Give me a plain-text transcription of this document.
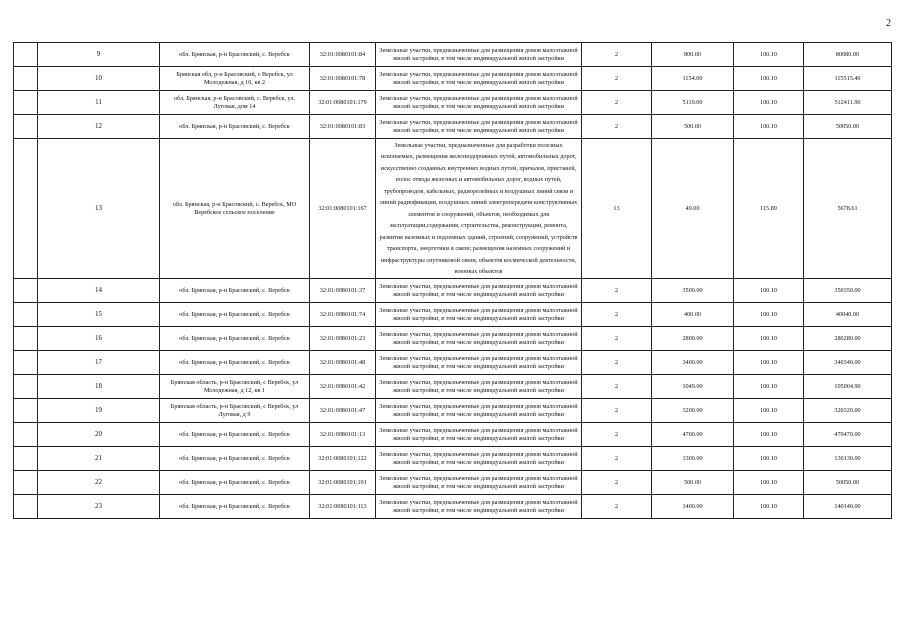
2
	9	обл. Брянская, р-н Брасовский, с. Веребск	32:01:0080101:84	Земельные участки, предназначенные для размещения домов малоэтажной жилой застройки, в том числе индивидуальной жилой застройки	2	800.00	100.10	80080.00
	10	Брянская обл, р-н Брасовский, с Веребск, ул Молодежная, д 10, кв 2	32:01:0080101:78	Земельные участки, предназначенные для размещения домов малоэтажной жилой застройки, в том числе индивидуальной жилой застройки	2	1154.00	100.10	115515.40
	11	обл. Брянская, р-н Брасовский, с. Веребск, ул. Луговая, дом 14	32:01:0080101:179	Земельные участки, предназначенные для размещения домов малоэтажной жилой застройки, в том числе индивидуальной жилой застройки	2	5119.00	100.10	512411.90
	12	обл. Брянская, р-н Брасовский, с. Веребск	32:01:0080101:83	Земельные участки, предназначенные для размещения домов малоэтажной жилой застройки, в том числе индивидуальной жилой застройки	2	500.00	100.10	50050.00
	13	обл. Брянская, р-н Брасовский, с. Веребск, МО Веребское сельское поселение	32:01:0080101:167	Земельные участки, предназначенные для разработки полезных ископаемых, размещения железнодорожных путей, автомобильных дорог, искусственно созданных внутренних водных путей, причалов, пристаней, полос отвода железных и автомобильных дорог, водных путей, трубопроводов, кабельных, радиорелейных и воздушных линий связи и линий радиофикации, воздушных линий электропередачи конструктивных элементов и сооружений, объектов, необходимых для эксплуатации,содержания, строительства, реконструкции, ремонта, развития наземных и подземных зданий, строений, сооружений, устройств транспорта, энергетики и связи; размещения наземных сооружений и инфраструктуры спутниковой связи, объектов космической деятельности, военных объектов	13	49.00	115.89	5678.61
	14	обл. Брянская, р-н Брасовский, с. Веребск	32:01:0080101:37	Земельные участки, предназначенные для размещения домов малоэтажной жилой застройки, в том числе индивидуальной жилой застройки	2	3500.00	100.10	350350.00
	15	обл. Брянская, р-н Брасовский, с. Веребск	32:01:0080101:74	Земельные участки, предназначенные для размещения домов малоэтажной жилой застройки, в том числе индивидуальной жилой застройки	2	400.00	100.10	40040.00
	16	обл. Брянская, р-н Брасовский, с. Веребск	32:01:0080101:23	Земельные участки, предназначенные для размещения домов малоэтажной жилой застройки, в том числе индивидуальной жилой застройки	2	2800.00	100.10	280280.00
	17	обл. Брянская, р-н Брасовский, с. Веребск	32:01:0080101:48	Земельные участки, предназначенные для размещения домов малоэтажной жилой застройки, в том числе индивидуальной жилой застройки	2	3400.00	100.10	340340.00
	18	Брянская область, р-н Брасовский, с Веребск, ул Молодежная, д 12, кв 1	32:01:0080101:42	Земельные участки, предназначенные для размещения домов малоэтажной жилой застройки, в том числе индивидуальной жилой застройки	2	1049.00	100.10	105004.90
	19	Брянская область, р-н Брасовский, с Веребск, ул Луговая, д 9	32:01:0080101:47	Земельные участки, предназначенные для размещения домов малоэтажной жилой застройки, в том числе индивидуальной жилой застройки	2	3200.00	100.10	320320.00
	20	обл. Брянская, р-н Брасовский, с. Веребск	32:01:0080101:13	Земельные участки, предназначенные для размещения домов малоэтажной жилой застройки, в том числе индивидуальной жилой застройки	2	4700.00	100.10	470470.00
	21	обл. Брянская, р-н Брасовский, с. Веребск	32:01:0080101:122	Земельные участки, предназначенные для размещения домов малоэтажной жилой застройки, в том числе индивидуальной жилой застройки	2	1300.00	100.10	130130.00
	22	обл. Брянская, р-н Брасовский, с. Веребск	32:01:0080101:101	Земельные участки, предназначенные для размещения домов малоэтажной жилой застройки, в том числе индивидуальной жилой застройки	2	500.00	100.10	50050.00
	23	обл. Брянская, р-н Брасовский, с. Веребск	32:01:0080101:113	Земельные участки, предназначенные для размещения домов малоэтажной жилой застройки, в том числе индивидуальной жилой застройки	2	1400.00	100.10	140140.00
